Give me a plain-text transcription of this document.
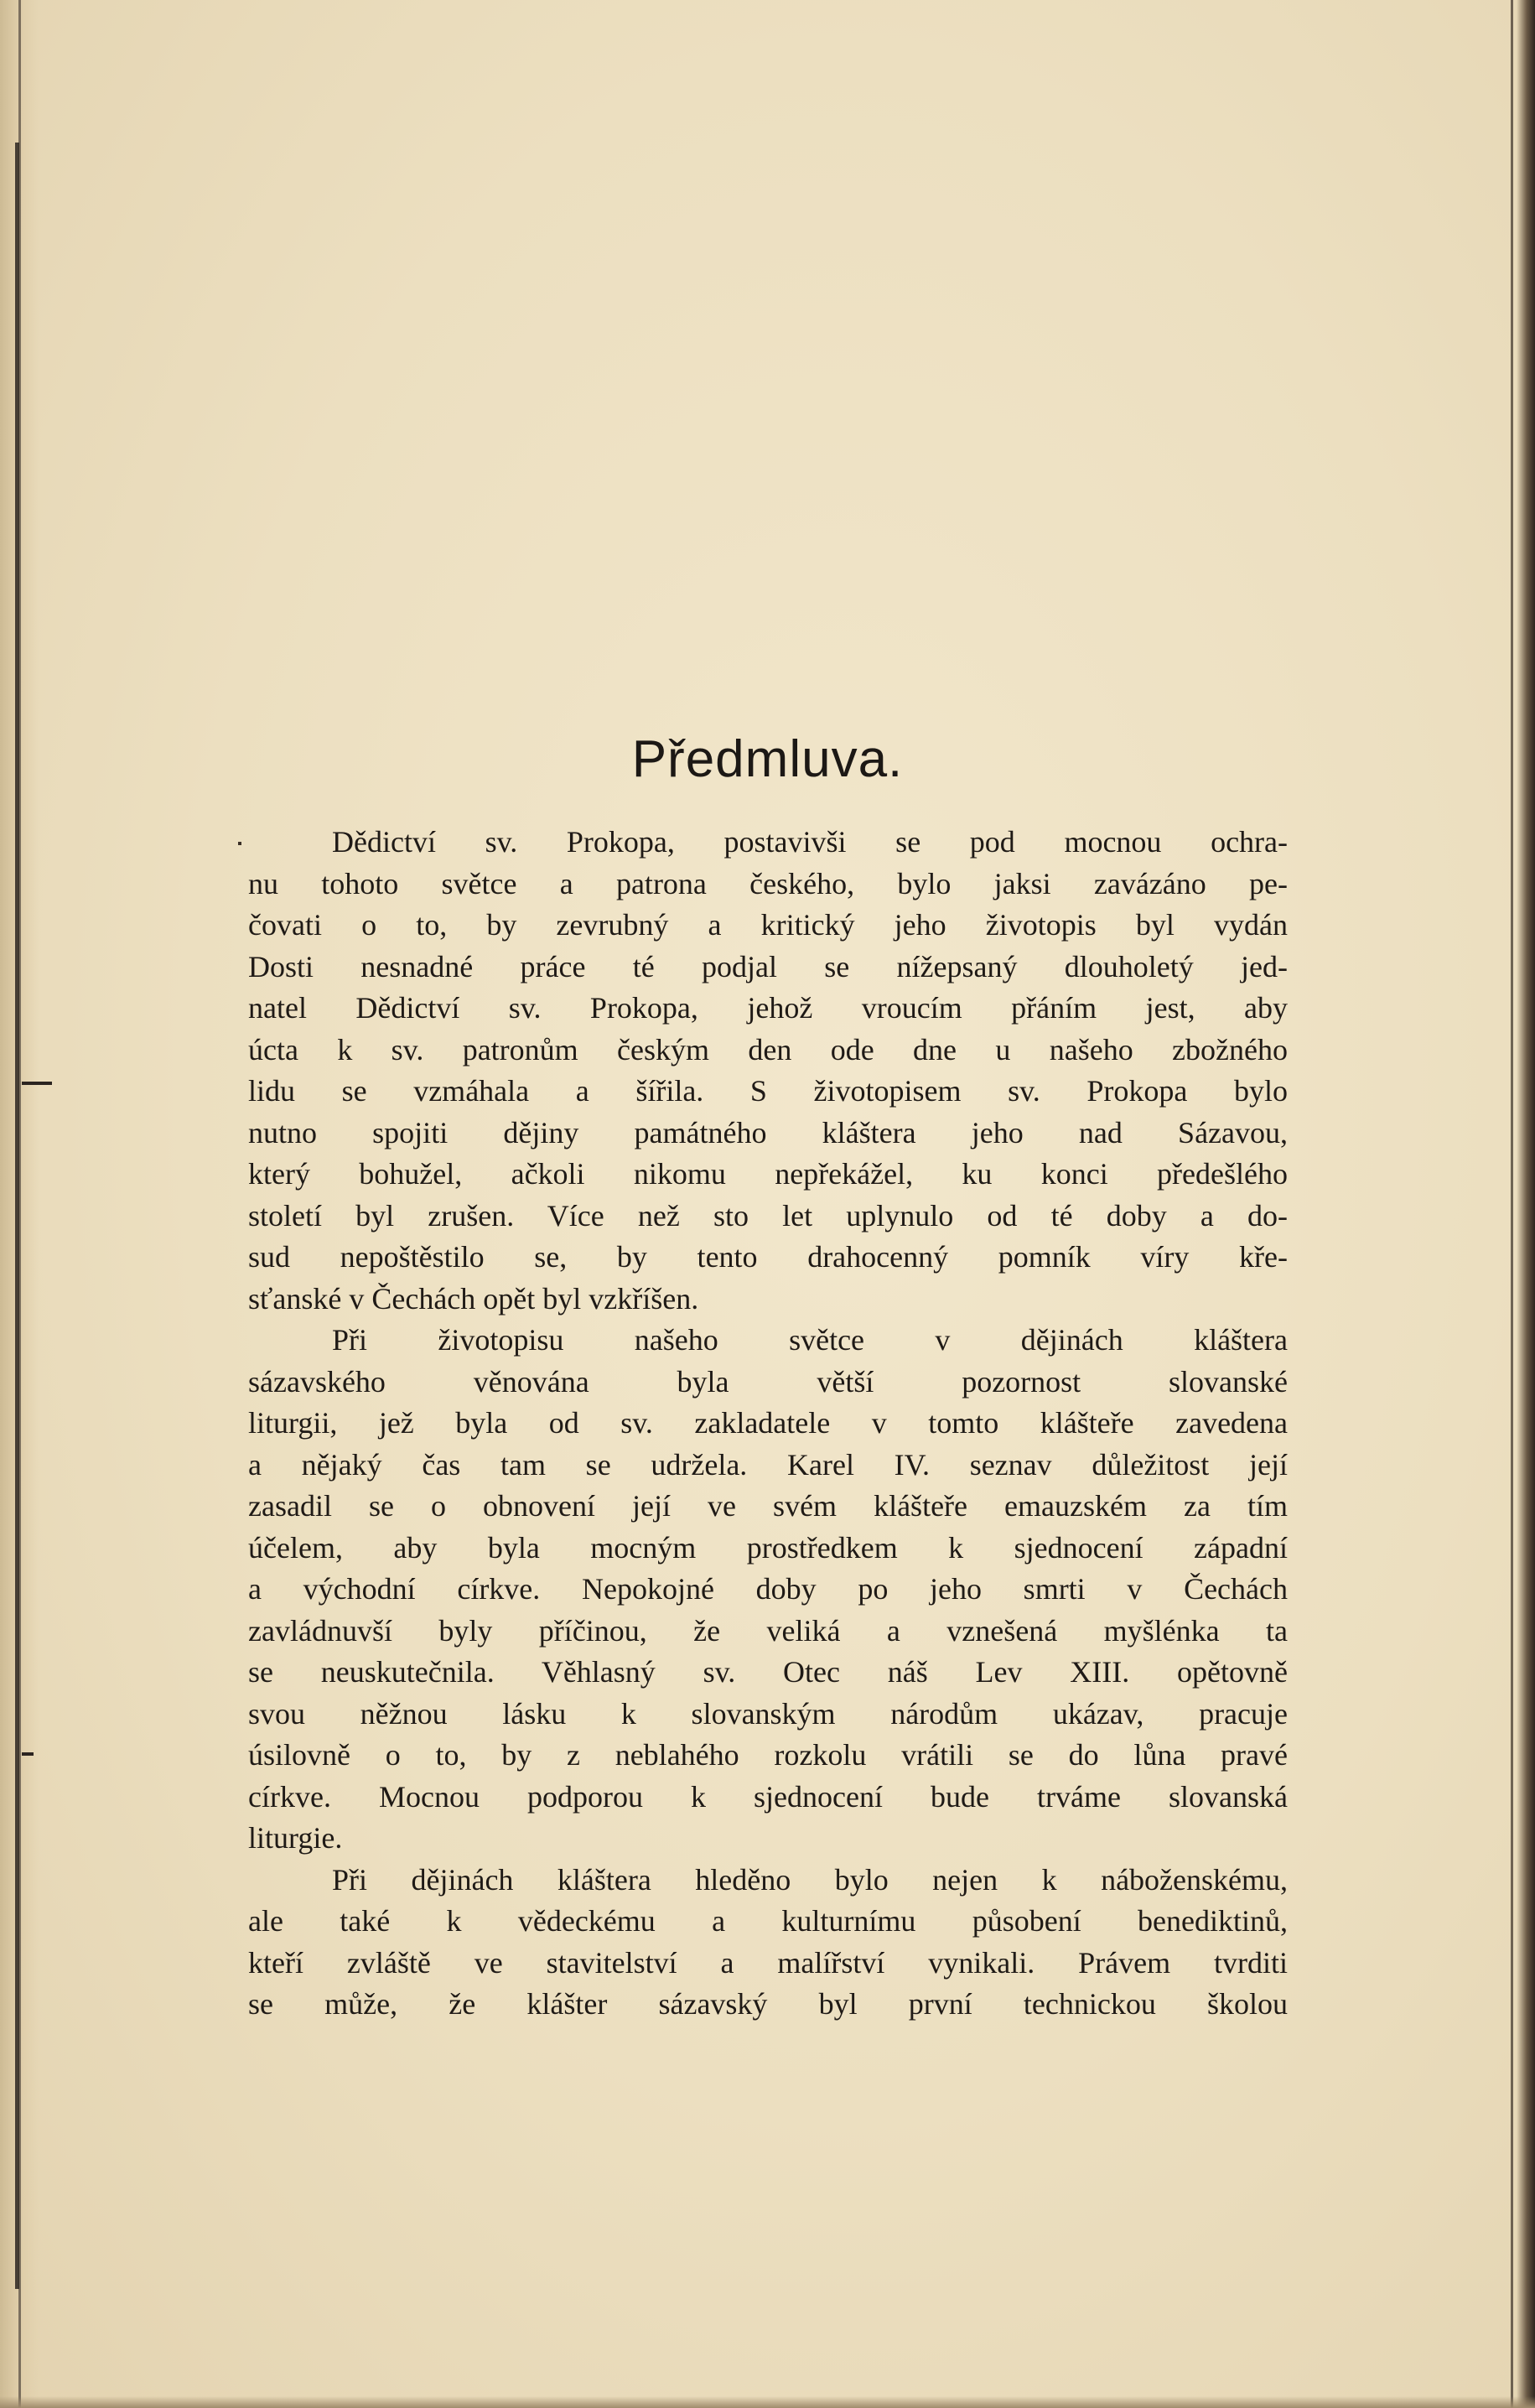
Předmluva.
Dědictví sv. Prokopa, postavivši se pod mocnou ochra-
nu tohoto světce a patrona českého, bylo jaksi zavázáno pe-
čovati o to, by zevrubný a kritický jeho životopis byl vydán
Dosti nesnadné práce té podjal se nížepsaný dlouholetý jed-
natel Dědictví sv. Prokopa, jehož vroucím přáním jest, aby
úcta k sv. patronům českým den ode dne u našeho zbožného
lidu se vzmáhala a šířila. S životopisem sv. Prokopa bylo
nutno spojiti dějiny památného kláštera jeho nad Sázavou,
který bohužel, ačkoli nikomu nepřekážel, ku konci předešlého
století byl zrušen. Více než sto let uplynulo od té doby a do-
sud nepoštěstilo se, by tento drahocenný pomník víry kře-
sťanské v Čechách opět byl vzkříšen.
Při životopisu našeho světce v dějinách kláštera
sázavského věnována byla větší pozornost slovanské
liturgii, jež byla od sv. zakladatele v tomto klášteře zavedena
a nějaký čas tam se udržela. Karel IV. seznav důležitost její
zasadil se o obnovení její ve svém klášteře emauzském za tím
účelem, aby byla mocným prostředkem k sjednocení západní
a východní církve. Nepokojné doby po jeho smrti v Čechách
zavládnuvší byly příčinou, že veliká a vznešená myšlénka ta
se neuskutečnila. Věhlasný sv. Otec náš Lev XIII. opětovně
svou něžnou lásku k slovanským národům ukázav, pracuje
úsilovně o to, by z neblahého rozkolu vrátili se do lůna pravé
církve. Mocnou podporou k sjednocení bude trváme slovanská
liturgie.
Při dějinách kláštera hleděno bylo nejen k náboženskému,
ale také k vědeckému a kulturnímu působení benediktinů,
kteří zvláště ve stavitelství a malířství vynikali. Právem tvrditi
se může, že klášter sázavský byl první technickou školou
